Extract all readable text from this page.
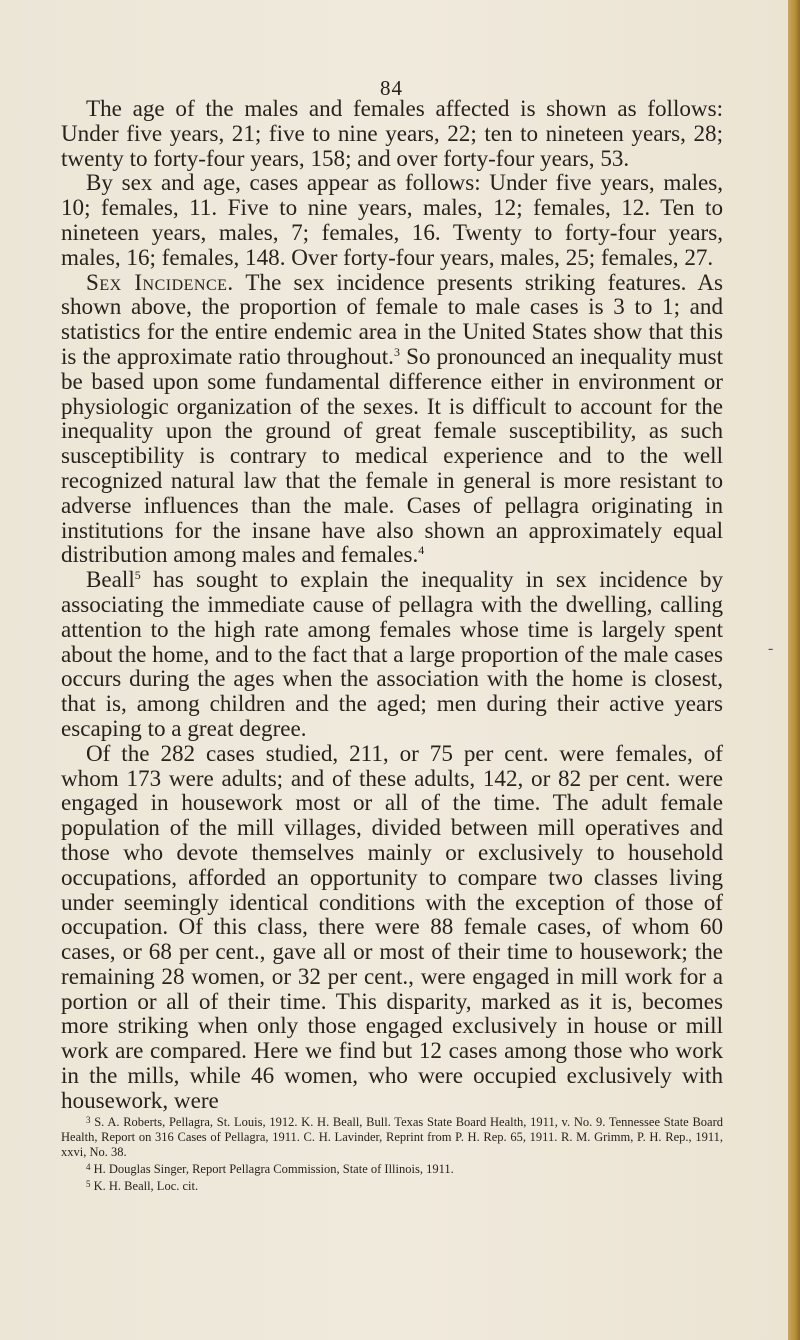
84

The age of the males and females affected is shown as follows: Under five years, 21; five to nine years, 22; ten to nineteen years, 28; twenty to forty-four years, 158; and over forty-four years, 53.

By sex and age, cases appear as follows: Under five years, males, 10; females, 11. Five to nine years, males, 12; females, 12. Ten to nineteen years, males, 7; females, 16. Twenty to forty-four years, males, 16; females, 148. Over forty-four years, males, 25; females, 27.

Sex Incidence. The sex incidence presents striking features. As shown above, the proportion of female to male cases is 3 to 1; and statistics for the entire endemic area in the United States show that this is the approximate ratio throughout.$^3$ So pronounced an inequality must be based upon some fundamental difference either in environment or physiologic organization of the sexes. It is difficult to account for the inequality upon the ground of great female susceptibility, as such susceptibility is contrary to medical experience and to the well recognized natural law that the female in general is more resistant to adverse influences than the male. Cases of pellagra originating in institutions for the insane have also shown an approximately equal distribution among males and females.$^4$

Beall$^5$ has sought to explain the inequality in sex incidence by associating the immediate cause of pellagra with the dwelling, calling attention to the high rate among females whose time is largely spent about the home, and to the fact that a large proportion of the male cases occurs during the ages when the association with the home is closest, that is, among children and the aged; men during their active years escaping to a great degree.

Of the 282 cases studied, 211, or 75 per cent. were females, of whom 173 were adults; and of these adults, 142, or 82 per cent. were engaged in housework most or all of the time. The adult female population of the mill villages, divided between mill operatives and those who devote themselves mainly or exclusively to household occupations, afforded an opportunity to compare two classes living under seemingly identical conditions with the exception of those of occupation. Of this class, there were 88 female cases, of whom 60 cases, or 68 per cent., gave all or most of their time to housework; the remaining 28 women, or 32 per cent., were engaged in mill work for a portion or all of their time. This disparity, marked as it is, becomes more striking when only those engaged exclusively in house or mill work are compared. Here we find but 12 cases among those who work in the mills, while 46 women, who were occupied exclusively with housework, were

-

$^3$ S. A. Roberts, Pellagra, St. Louis, 1912. K. H. Beall, Bull. Texas State Board Health, 1911, v. No. 9. Tennessee State Board Health, Report on 316 Cases of Pellagra, 1911. C. H. Lavinder, Reprint from P. H. Rep. 65, 1911. R. M. Grimm, P. H. Rep., 1911, xxvi, No. 38.

$^4$ H. Douglas Singer, Report Pellagra Commission, State of Illinois, 1911.

$^5$ K. H. Beall, Loc. cit.
